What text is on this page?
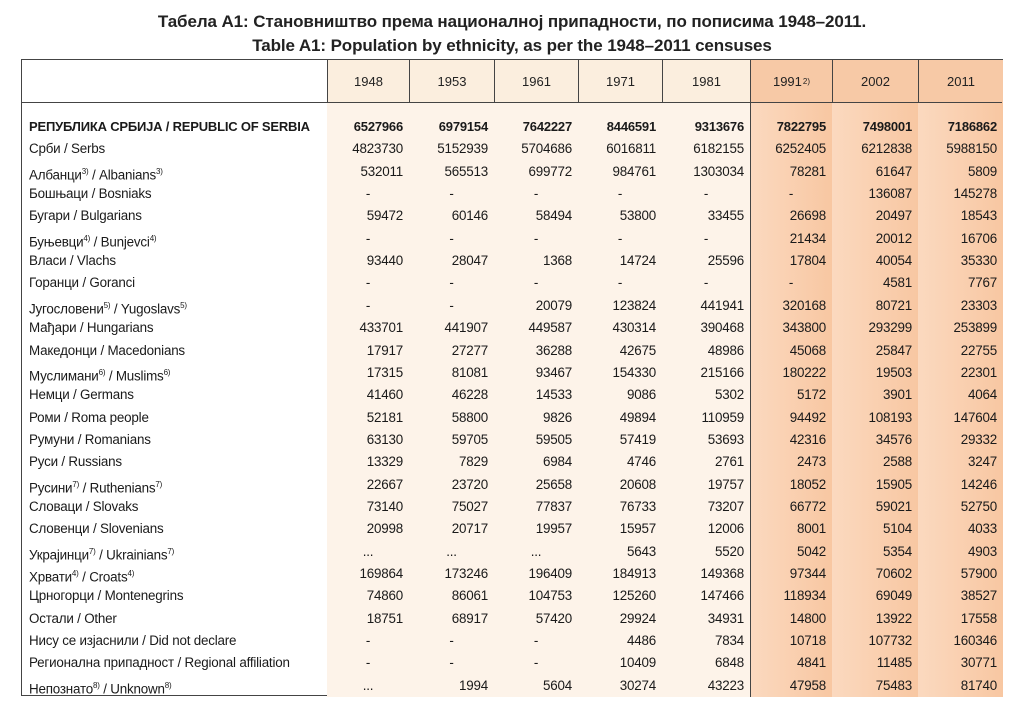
Табела А1: Становништво према националној припадности, по пописима 1948–2011.
Table A1: Population by ethnicity, as per the 1948–2011 censuses
РЕПУБЛИКА СРБИЈА / REPUBLIC OF SERBIA	6527966	6979154	7642227	8446591	9313676	7822795	7498001	7186862
Срби / Serbs	4823730	5152939	5704686	6016811	6182155	6252405	6212838	5988150
Албанци$^{3)}$ / Albanians$^{3)}$	532011	565513	699772	984761	1303034	78281	61647	5809
Бошњаци / Bosniaks	-	-	-	-	-	-	136087	145278
Бугари / Bulgarians	59472	60146	58494	53800	33455	26698	20497	18543
Буњевци$^{4)}$ / Bunjevci$^{4)}$	-	-	-	-	-	21434	20012	16706
Власи / Vlachs	93440	28047	1368	14724	25596	17804	40054	35330
Горанци / Goranci	-	-	-	-	-	-	4581	7767
Југословени$^{5)}$ / Yugoslavs$^{5)}$	-	-	20079	123824	441941	320168	80721	23303
Мађари / Hungarians	433701	441907	449587	430314	390468	343800	293299	253899
Македонци / Macedonians	17917	27277	36288	42675	48986	45068	25847	22755
Муслимани$^{6)}$ / Muslims$^{6)}$	17315	81081	93467	154330	215166	180222	19503	22301
Немци / Germans	41460	46228	14533	9086	5302	5172	3901	4064
Роми / Roma people	52181	58800	9826	49894	110959	94492	108193	147604
Румуни / Romanians	63130	59705	59505	57419	53693	42316	34576	29332
Руси / Russians	13329	7829	6984	4746	2761	2473	2588	3247
Русини$^{7)}$ / Ruthenians$^{7)}$	22667	23720	25658	20608	19757	18052	15905	14246
Словаци / Slovaks	73140	75027	77837	76733	73207	66772	59021	52750
Словенци / Slovenians	20998	20717	19957	15957	12006	8001	5104	4033
Украјинци$^{7)}$ / Ukrainians$^{7)}$	...	...	...	5643	5520	5042	5354	4903
Хрвати$^{4)}$ / Croats$^{4)}$	169864	173246	196409	184913	149368	97344	70602	57900
Црногорци / Montenegrins	74860	86061	104753	125260	147466	118934	69049	38527
Остали / Other	18751	68917	57420	29924	34931	14800	13922	17558
Нису се изјаснили / Did not declare	-	-	-	4486	7834	10718	107732	160346
Регионална припадност / Regional affiliation	-	-	-	10409	6848	4841	11485	30771
Непознато$^{8)}$ / Unknown$^{8)}$	...	1994	5604	30274	43223	47958	75483	81740
1948	1953	1961	1971	1981	1991 2)	2002	2011
